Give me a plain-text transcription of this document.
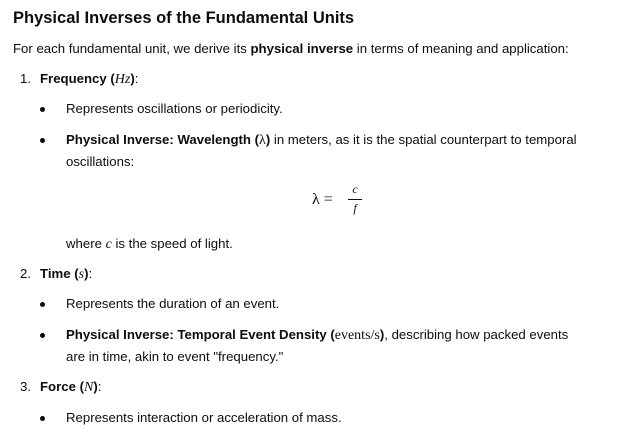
Physical Inverses of the Fundamental Units
For each fundamental unit, we derive its physical inverse in terms of meaning and application:
1. Frequency (Hz):
Represents oscillations or periodicity.
Physical Inverse: Wavelength (λ) in meters, as it is the spatial counterpart to temporal
oscillations:
λ =
c
f
where c is the speed of light.
2. Time (s):
Represents the duration of an event.
Physical Inverse: Temporal Event Density (events/s), describing how packed events
are in time, akin to event "frequency."
3. Force (N):
Represents interaction or acceleration of mass.
